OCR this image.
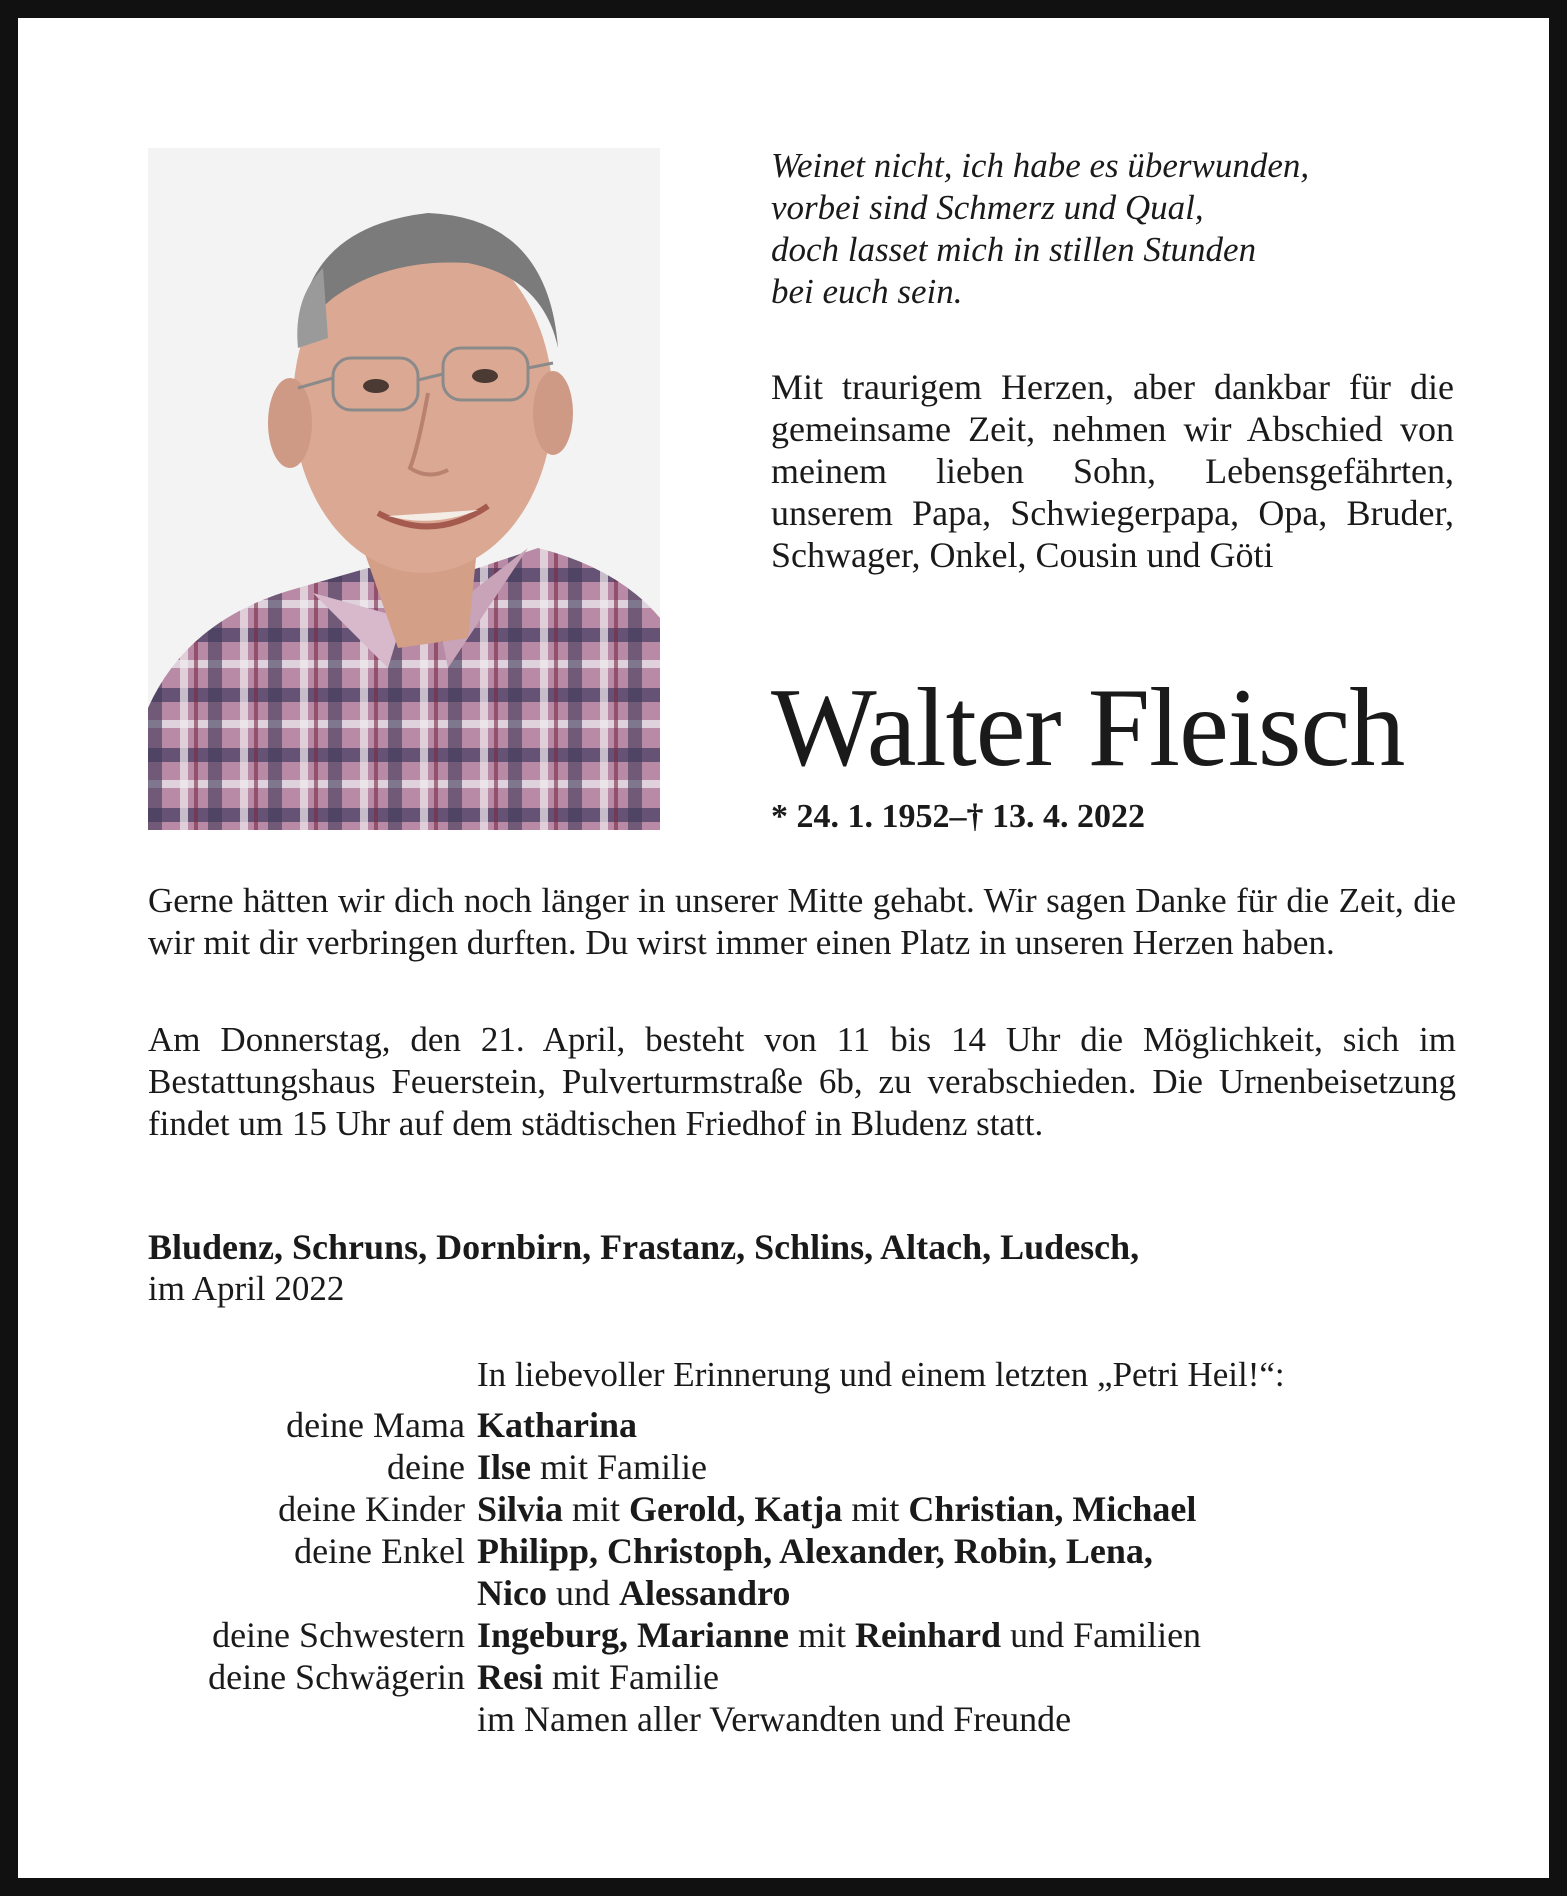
Weinet nicht, ich habe es überwunden,
vorbei sind Schmerz und Qual,
doch lasset mich in stillen Stunden
bei euch sein.
Mit traurigem Herzen, aber dankbar für die gemeinsame Zeit, nehmen wir Abschied von meinem lieben Sohn, Lebensgefährten, unserem Papa, Schwiegerpapa, Opa, Bruder, Schwager, Onkel, Cousin und Göti
Walter Fleisch
* 24. 1. 1952–† 13. 4. 2022
Gerne hätten wir dich noch länger in unserer Mitte gehabt. Wir sagen Danke für die Zeit, die wir mit dir verbringen durften. Du wirst immer einen Platz in unseren Herzen haben.
Am Donnerstag, den 21. April, besteht von 11 bis 14 Uhr die Möglichkeit, sich im Bestattungshaus Feuerstein, Pulverturmstraße 6b, zu verabschieden. Die Urnenbeisetzung findet um 15 Uhr auf dem städtischen Friedhof in Bludenz statt.
Bludenz, Schruns, Dornbirn, Frastanz, Schlins, Altach, Ludesch,
im April 2022
In liebevoller Erinnerung und einem letzten „Petri Heil!“:
deine Mama Katharina
deine Ilse mit Familie
deine Kinder Silvia mit Gerold, Katja mit Christian, Michael
deine Enkel Philipp, Christoph, Alexander, Robin, Lena,
Nico und Alessandro
deine Schwestern Ingeburg, Marianne mit Reinhard und Familien
deine Schwägerin Resi mit Familie
im Namen aller Verwandten und Freunde
